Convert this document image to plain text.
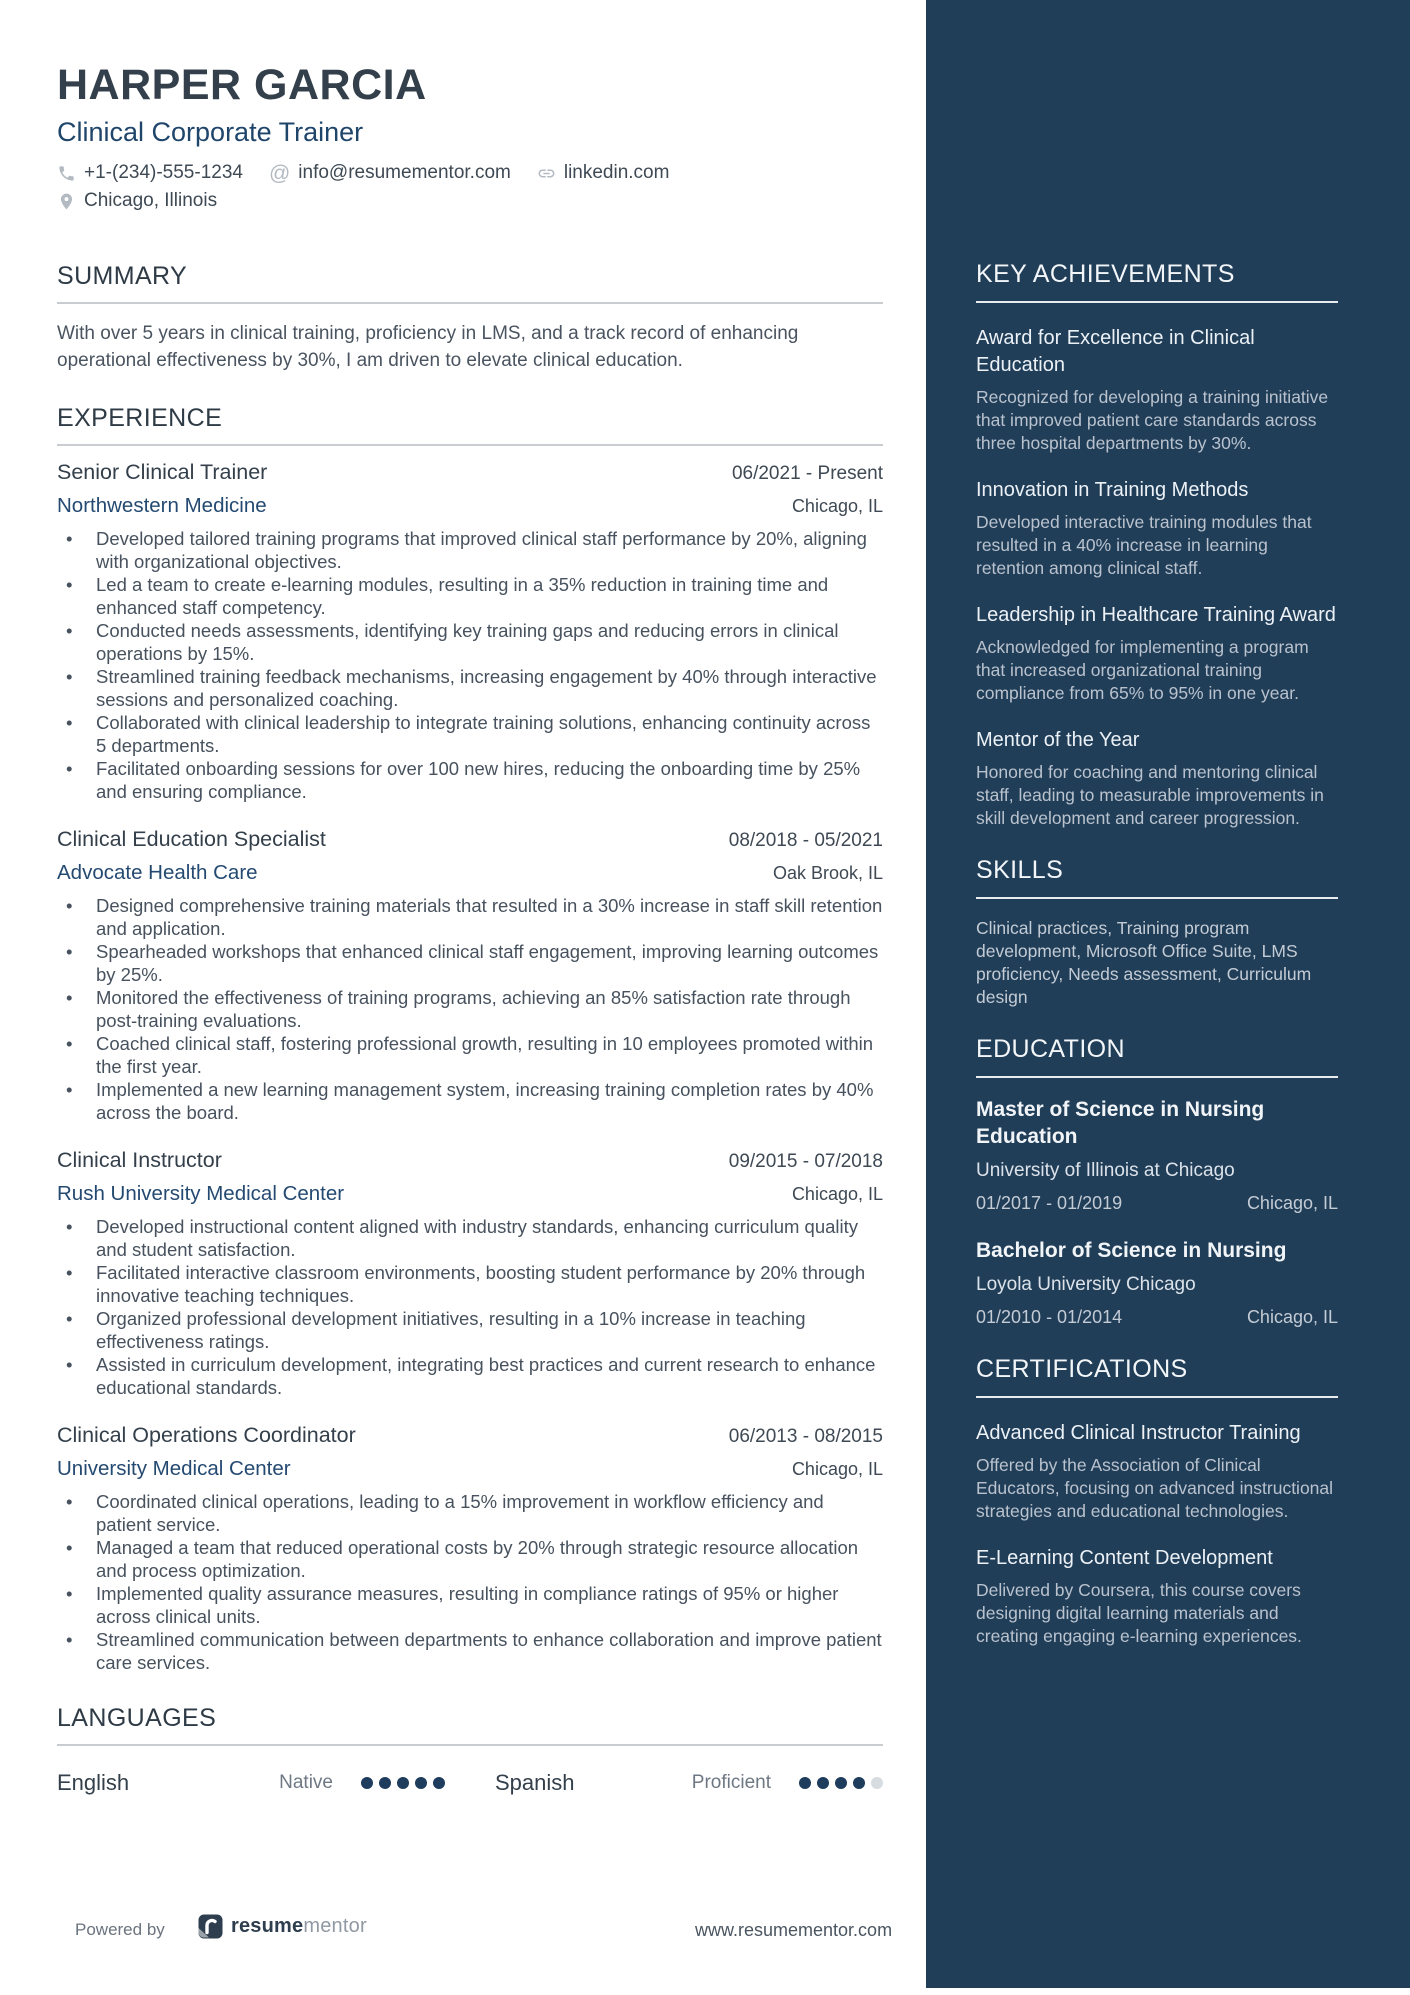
HARPER GARCIA
Clinical Corporate Trainer
+1-(234)-555-1234 @ info@resumementor.com	linkedin.com
Chicago, Illinois
SUMMARY

With over 5 years in clinical training, proficiency in LMS, and a track record of enhancing operational effectiveness by 30%, I am driven to elevate clinical education.

EXPERIENCE
Senior Clinical Trainer	06/2021 - Present
Northwestern Medicine	Chicago, IL
• Developed tailored training programs that improved clinical staff performance by 20%, aligning with organizational objectives.
• Led a team to create e-learning modules, resulting in a 35% reduction in training time and enhanced staff competency.
• Conducted needs assessments, identifying key training gaps and reducing errors in clinical operations by 15%.
• Streamlined training feedback mechanisms, increasing engagement by 40% through interactive sessions and personalized coaching.
• Collaborated with clinical leadership to integrate training solutions, enhancing continuity across 5 departments.
• Facilitated onboarding sessions for over 100 new hires, reducing the onboarding time by 25% and ensuring compliance.
Clinical Education Specialist	08/2018 - 05/2021
Advocate Health Care	Oak Brook, IL
• Designed comprehensive training materials that resulted in a 30% increase in staff skill retention and application.
• Spearheaded workshops that enhanced clinical staff engagement, improving learning outcomes by 25%.
• Monitored the effectiveness of training programs, achieving an 85% satisfaction rate through post-training evaluations.
• Coached clinical staff, fostering professional growth, resulting in 10 employees promoted within the first year.
• Implemented a new learning management system, increasing training completion rates by 40% across the board.
Clinical Instructor	09/2015 - 07/2018
Rush University Medical Center	Chicago, IL
• Developed instructional content aligned with industry standards, enhancing curriculum quality and student satisfaction.
• Facilitated interactive classroom environments, boosting student performance by 20% through innovative teaching techniques.
• Organized professional development initiatives, resulting in a 10% increase in teaching effectiveness ratings.
• Assisted in curriculum development, integrating best practices and current research to enhance educational standards.
Clinical Operations Coordinator	06/2013 - 08/2015
University Medical Center	Chicago, IL
• Coordinated clinical operations, leading to a 15% improvement in workflow efficiency and patient service.
• Managed a team that reduced operational costs by 20% through strategic resource allocation and process optimization.
• Implemented quality assurance measures, resulting in compliance ratings of 95% or higher across clinical units.
• Streamlined communication between departments to enhance collaboration and improve patient care services.
LANGUAGES
English	Native	Spanish	Proficient
KEY ACHIEVEMENTS
Award for Excellence in Clinical Education

Recognized for developing a training initiative that improved patient care standards across three hospital departments by 30%.

Innovation in Training Methods

Developed interactive training modules that resulted in a 40% increase in learning retention among clinical staff.

Leadership in Healthcare Training Award

Acknowledged for implementing a program that increased organizational training compliance from 65% to 95% in one year.

Mentor of the Year

Honored for coaching and mentoring clinical staff, leading to measurable improvements in skill development and career progression.

SKILLS

Clinical practices, Training program development, Microsoft Office Suite, LMS proficiency, Needs assessment, Curriculum design

EDUCATION
Master of Science in Nursing Education
University of Illinois at Chicago
01/2017 - 01/2019	Chicago, IL
Bachelor of Science in Nursing
Loyola University Chicago
01/2010 - 01/2014	Chicago, IL
CERTIFICATIONS
Advanced Clinical Instructor Training

Offered by the Association of Clinical Educators, focusing on advanced instructional strategies and educational technologies.

E-Learning Content Development

Delivered by Coursera, this course covers designing digital learning materials and creating engaging e-learning experiences.

Powered by	resumementor	www.resumementor.com
